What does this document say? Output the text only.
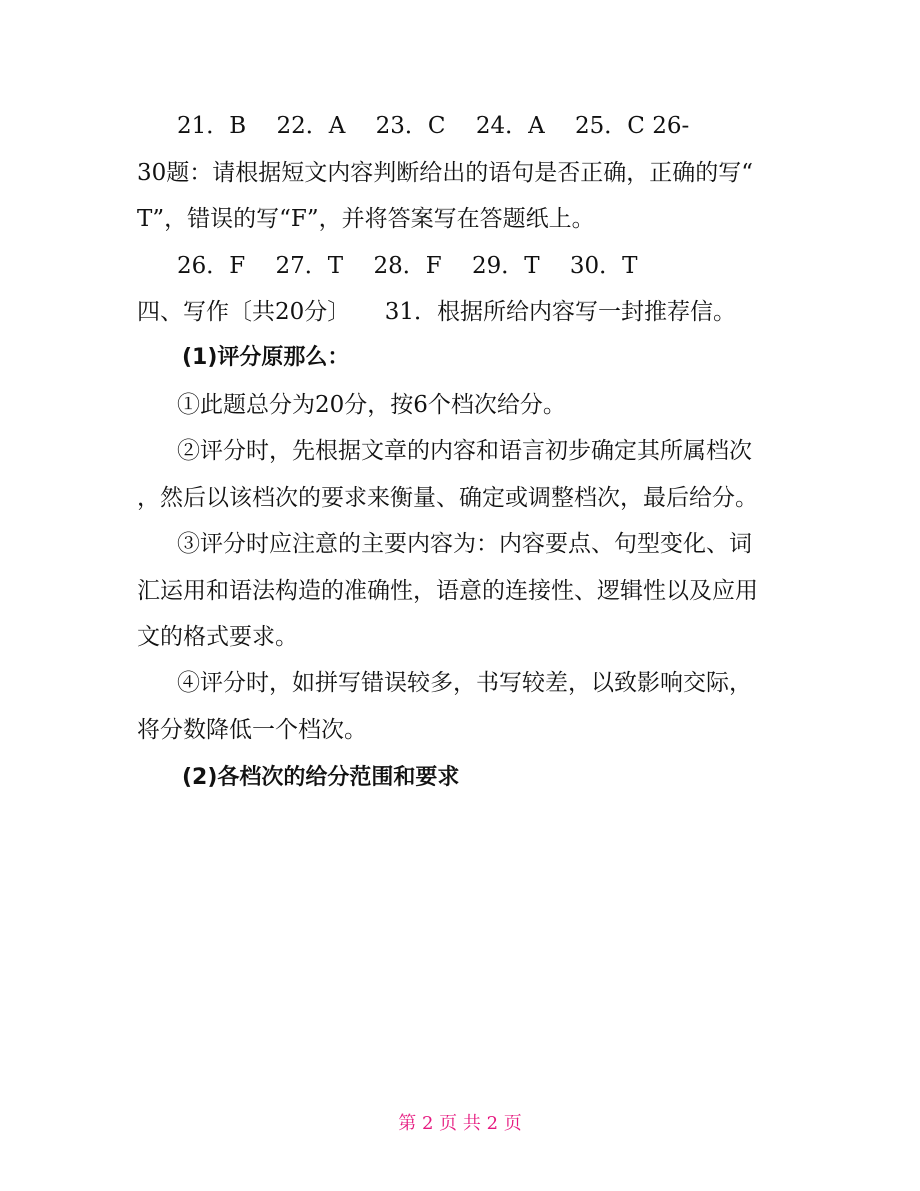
21．B　 22．A　 23．C　 24．A　 25．C 26-
30题：请根据短文内容判断给出的语句是否正确，正确的写“
T”，错误的写“F”，并将答案写在答题纸上。
26．F　 27．T　 28．F　 29．T　 30．T
四、写作〔共20分〕　　31．根据所给内容写一封推荐信。
(1)评分原那么：
①此题总分为20分，按6个档次给分。
②评分时，先根据文章的内容和语言初步确定其所属档次
，然后以该档次的要求来衡量、确定或调整档次，最后给分。
③评分时应注意的主要内容为：内容要点、句型变化、词
汇运用和语法构造的准确性，语意的连接性、逻辑性以及应用
文的格式要求。
④评分时，如拼写错误较多，书写较差，以致影响交际，
将分数降低一个档次。
(2)各档次的给分范围和要求
第 2 页 共 2 页
